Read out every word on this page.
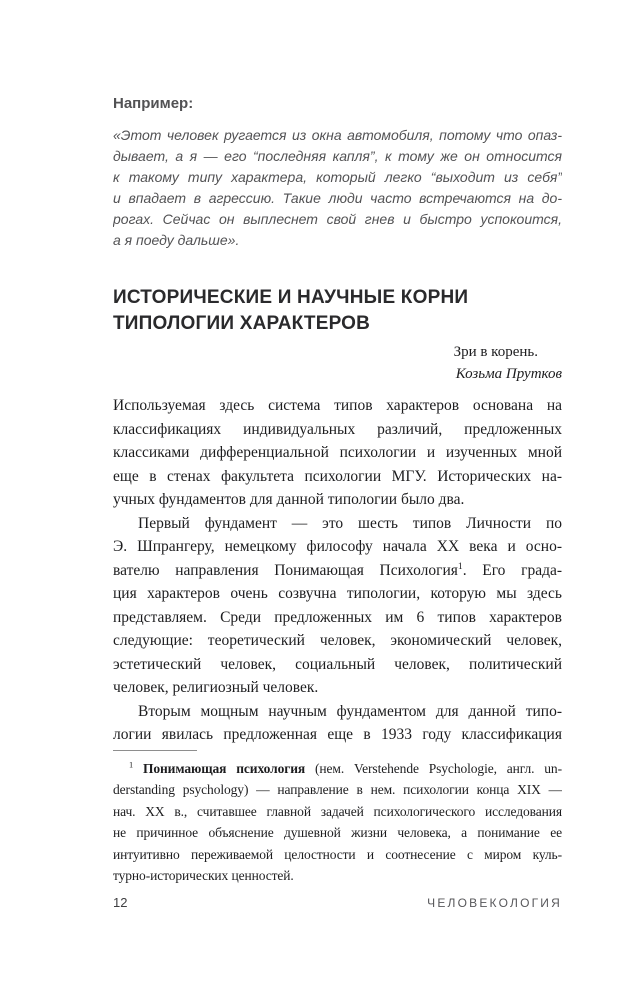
Например:
«Этот человек ругается из окна автомобиля, потому что опаз-
дывает, а я — его “последняя капля”, к тому же он относится
к такому типу характера, который легко “выходит из себя”
и впадает в агрессию. Такие люди часто встречаются на до-
рогах. Сейчас он выплеснет свой гнев и быстро успокоится,
а я поеду дальше».
ИСТОРИЧЕСКИЕ И НАУЧНЫЕ КОРНИ
ТИПОЛОГИИ ХАРАКТЕРОВ
Зри в корень.
Козьма Прутков
Используемая здесь система типов характеров основана на
классификациях индивидуальных различий, предложенных
классиками дифференциальной психологии и изученных мной
еще в стенах факультета психологии МГУ. Исторических на-
учных фундаментов для данной типологии было два.
Первый фундамент — это шесть типов Личности по
Э. Шпрангеру, немецкому философу начала XX века и осно-
вателю направления Понимающая Психология$^1$. Его града-
ция характеров очень созвучна типологии, которую мы здесь
представляем. Среди предложенных им 6 типов характеров
следующие: теоретический человек, экономический человек,
эстетический человек, социальный человек, политический
человек, религиозный человек.
Вторым мощным научным фундаментом для данной типо-
логии явилась предложенная еще в 1933 году классификация
$^1$ Понимающая психология (нем. Verstehende Psychologie, англ. un-
derstanding psychology) — направление в нем. психологии конца XIX —
нач. XX в., считавшее главной задачей психологического исследования
не причинное объяснение душевной жизни человека, а понимание ее
интуитивно переживаемой целостности и соотнесение с миром куль-
турно-исторических ценностей.
12	ЧЕЛОВЕКОЛОГИЯ
